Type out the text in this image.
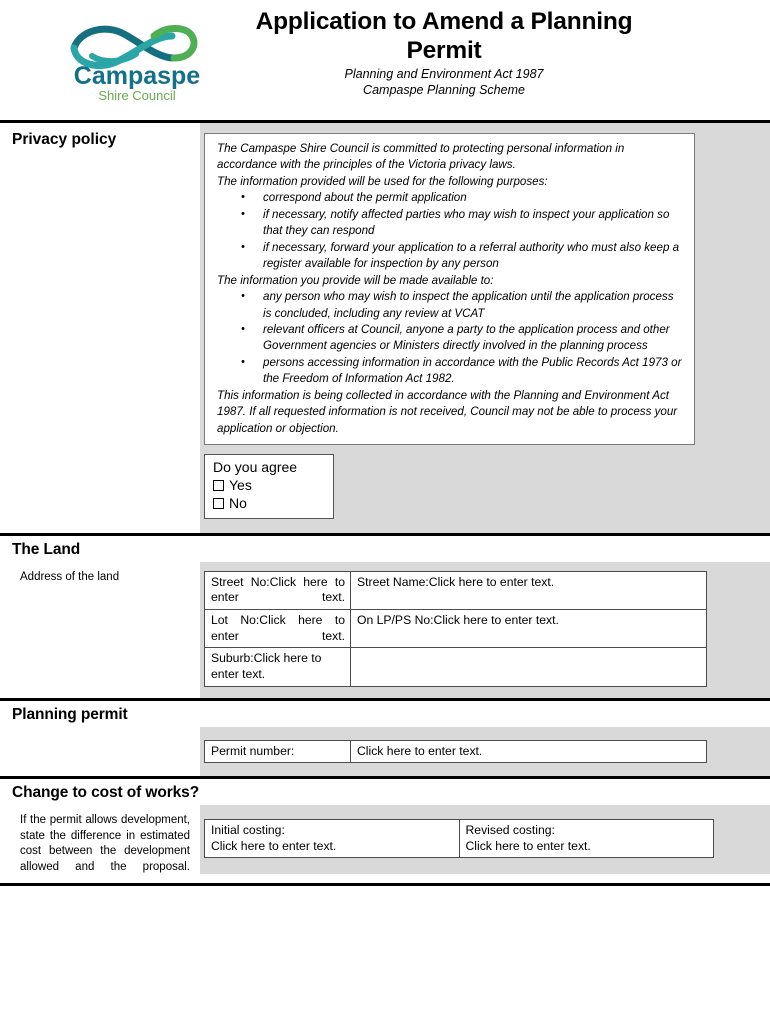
Campaspe
Shire Council
Application to Amend a Planning Permit
Planning and Environment Act 1987
Campaspe Planning Scheme
Privacy policy

The Campaspe Shire Council is committed to protecting personal information in accordance with the principles of the Victoria privacy laws.

The information provided will be used for the following purposes:

• correspond about the permit application
• if necessary, notify affected parties who may wish to inspect your application so that they can respond
• if necessary, forward your application to a referral authority who must also keep a register available for inspection by any person

The information you provide will be made available to:

• any person who may wish to inspect the application until the application process is concluded, including any review at VCAT
• relevant officers at Council, anyone a party to the application process and other Government agencies or Ministers directly involved in the planning process
• persons accessing information in accordance with the Public Records Act 1973 or the Freedom of Information Act 1982.

This information is being collected in accordance with the Planning and Environment Act 1987. If all requested information is not received, Council may not be able to process your application or objection.

Do you agree
Yes
No
The Land
Address of the land	Street No:Click here to enter text.	Street Name:Click here to enter text.
Lot No:Click here to enter text.	On LP/PS No:Click here to enter text.
Suburb:Click here to enter text.	
Planning permit
Permit number:	Click here to enter text.
Change to cost of works?
If the permit allows development, state the difference in estimated cost between the development allowed and the proposal.
Initial costing:
Click here to enter text.

Revised costing:
Click here to enter text.
